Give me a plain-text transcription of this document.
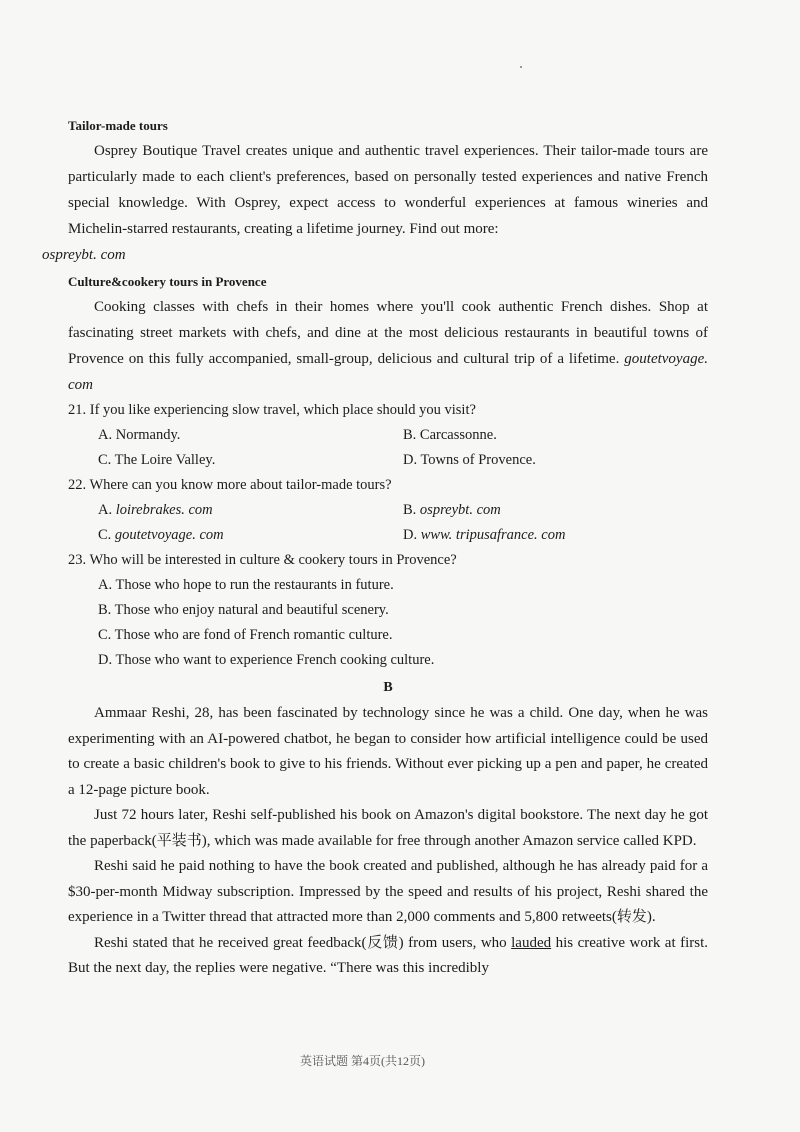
Tailor-made tours

Osprey Boutique Travel creates unique and authentic travel experiences. Their tailor-made tours are particularly made to each client's preferences, based on personally tested experiences and native French special knowledge. With Osprey, expect access to wonderful experiences at famous wineries and Michelin-starred restaurants, creating a lifetime journey. Find out more:
ospreybt. com

Culture&cookery tours in Provence

Cooking classes with chefs in their homes where you'll cook authentic French dishes. Shop at fascinating street markets with chefs, and dine at the most delicious restaurants in beautiful towns of Provence on this fully accompanied, small-group, delicious and cultural trip of a lifetime. goutetvoyage. com

21. If you like experiencing slow travel, which place should you visit?
A. Normandy.	B. Carcassonne.
C. The Loire Valley.	D. Towns of Provence.
22. Where can you know more about tailor-made tours?
A. loirebrakes. com	B. ospreybt. com
C. goutetvoyage. com	D. www. tripusafrance. com
23. Who will be interested in culture & cookery tours in Provence?
A. Those who hope to run the restaurants in future.
B. Those who enjoy natural and beautiful scenery.
C. Those who are fond of French romantic culture.
D. Those who want to experience French cooking culture.
B

Ammaar Reshi, 28, has been fascinated by technology since he was a child. One day, when he was experimenting with an AI-powered chatbot, he began to consider how artificial intelligence could be used to create a basic children's book to give to his friends. Without ever picking up a pen and paper, he created a 12-page picture book.

Just 72 hours later, Reshi self-published his book on Amazon's digital bookstore. The next day he got the paperback(平装书), which was made available for free through another Amazon service called KPD.

Reshi said he paid nothing to have the book created and published, although he has already paid for a $30-per-month Midway subscription. Impressed by the speed and results of his project, Reshi shared the experience in a Twitter thread that attracted more than 2,000 comments and 5,800 retweets(转发).

Reshi stated that he received great feedback(反馈) from users, who lauded his creative work at first. But the next day, the replies were negative. “There was this incredibly

英语试题 第4页(共12页)
